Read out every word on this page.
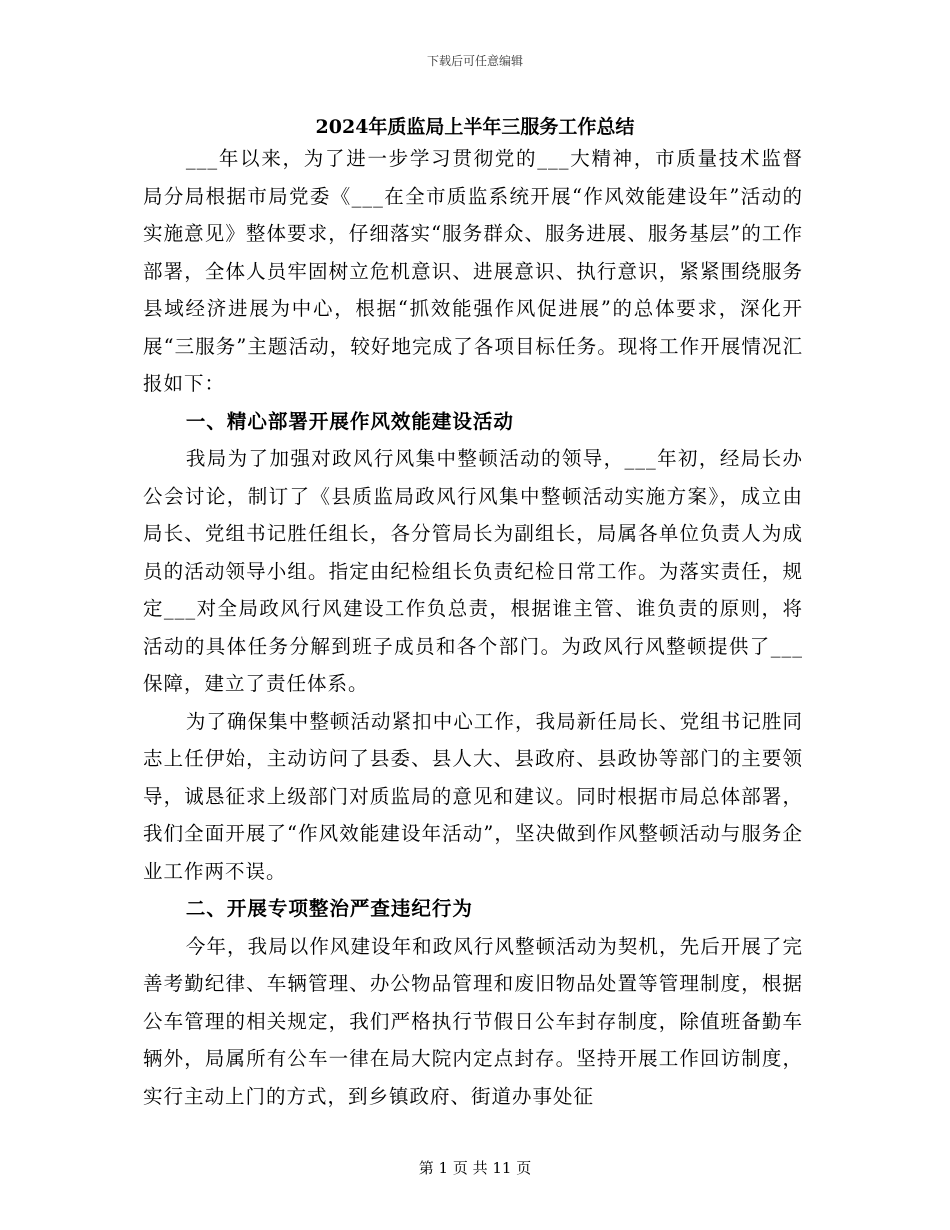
下载后可任意编辑
2024年质监局上半年三服务工作总结

___年以来，为了进一步学习贯彻党的___大精神，市质量技术监督局分局根据市局党委《___在全市质监系统开展“作风效能建设年”活动的实施意见》整体要求，仔细落实“服务群众、服务进展、服务基层”的工作部署，全体人员牢固树立危机意识、进展意识、执行意识，紧紧围绕服务县域经济进展为中心，根据“抓效能强作风促进展”的总体要求，深化开展“三服务”主题活动，较好地完成了各项目标任务。现将工作开展情况汇报如下：

一、精心部署开展作风效能建设活动

我局为了加强对政风行风集中整顿活动的领导，___年初，经局长办公会讨论，制订了《县质监局政风行风集中整顿活动实施方案》，成立由局长、党组书记胜任组长，各分管局长为副组长，局属各单位负责人为成员的活动领导小组。指定由纪检组长负责纪检日常工作。为落实责任，规定___对全局政风行风建设工作负总责，根据谁主管、谁负责的原则，将活动的具体任务分解到班子成员和各个部门。为政风行风整顿提供了___保障，建立了责任体系。

为了确保集中整顿活动紧扣中心工作，我局新任局长、党组书记胜同志上任伊始，主动访问了县委、县人大、县政府、县政协等部门的主要领导，诚恳征求上级部门对质监局的意见和建议。同时根据市局总体部署，我们全面开展了“作风效能建设年活动”，坚决做到作风整顿活动与服务企业工作两不误。

二、开展专项整治严查违纪行为

今年，我局以作风建设年和政风行风整顿活动为契机，先后开展了完善考勤纪律、车辆管理、办公物品管理和废旧物品处置等管理制度，根据公车管理的相关规定，我们严格执行节假日公车封存制度，除值班备勤车辆外，局属所有公车一律在局大院内定点封存。坚持开展工作回访制度，实行主动上门的方式，到乡镇政府、街道办事处征

第 1 页 共 11 页
